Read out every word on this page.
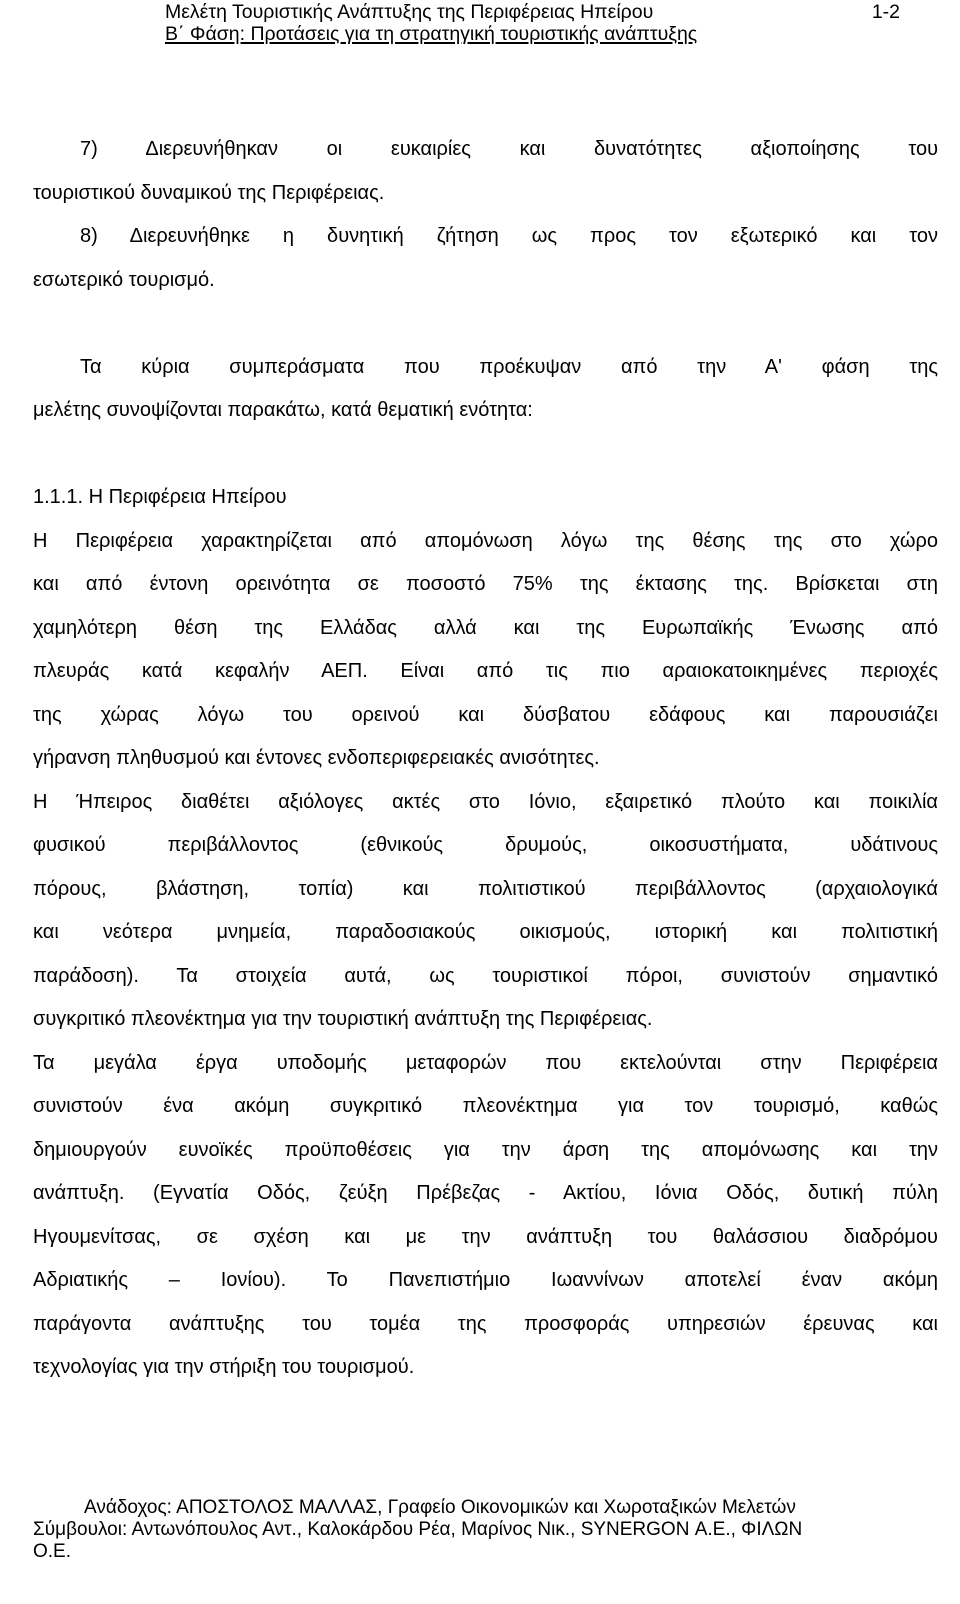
Μελέτη Τουριστικής Ανάπτυξης της Περιφέρειας Ηπείρου	1-2
Β΄ Φάση: Προτάσεις για τη στρατηγική τουριστικής ανάπτυξης
7) Διερευνήθηκαν οι ευκαιρίες και δυνατότητες αξιοποίησης του
τουριστικού δυναμικού της Περιφέρειας.
8) Διερευνήθηκε η δυνητική ζήτηση ως προς τον εξωτερικό και τον
εσωτερικό τουρισμό.
Τα κύρια συμπεράσματα που προέκυψαν από την Α' φάση της
μελέτης συνοψίζονται παρακάτω, κατά θεματική ενότητα:
1.1.1. Η Περιφέρεια Ηπείρου
Η Περιφέρεια χαρακτηρίζεται από απομόνωση λόγω της θέσης της στο χώρο
και από έντονη ορεινότητα σε ποσοστό 75% της έκτασης της. Βρίσκεται στη
χαμηλότερη θέση της Ελλάδας αλλά και της Ευρωπαϊκής Ένωσης από
πλευράς κατά κεφαλήν ΑΕΠ. Είναι από τις πιο αραιοκατοικημένες περιοχές
της χώρας λόγω του ορεινού και δύσβατου εδάφους και παρουσιάζει
γήρανση πληθυσμού και έντονες ενδοπεριφερειακές ανισότητες.
Η Ήπειρος διαθέτει αξιόλογες ακτές στο Ιόνιο, εξαιρετικό πλούτο και ποικιλία
φυσικού περιβάλλοντος (εθνικούς δρυμούς, οικοσυστήματα, υδάτινους
πόρους, βλάστηση, τοπία) και πολιτιστικού περιβάλλοντος (αρχαιολογικά
και νεότερα μνημεία, παραδοσιακούς οικισμούς, ιστορική και πολιτιστική
παράδοση). Τα στοιχεία αυτά, ως τουριστικοί πόροι, συνιστούν σημαντικό
συγκριτικό πλεονέκτημα για την τουριστική ανάπτυξη της Περιφέρειας.
Τα μεγάλα έργα υποδομής μεταφορών που εκτελούνται στην Περιφέρεια
συνιστούν ένα ακόμη συγκριτικό πλεονέκτημα για τον τουρισμό, καθώς
δημιουργούν ευνοϊκές προϋποθέσεις για την άρση της απομόνωσης και την
ανάπτυξη. (Εγνατία Οδός, ζεύξη Πρέβεζας - Ακτίου, Ιόνια Οδός, δυτική πύλη
Ηγουμενίτσας, σε σχέση και με την ανάπτυξη του θαλάσσιου διαδρόμου
Αδριατικής – Ιονίου). Το Πανεπιστήμιο Ιωαννίνων αποτελεί έναν ακόμη
παράγοντα ανάπτυξης του τομέα της προσφοράς υπηρεσιών έρευνας και
τεχνολογίας για την στήριξη του τουρισμού.
Ανάδοχος: ΑΠΟΣΤΟΛΟΣ ΜΑΛΛΑΣ, Γραφείο Οικονομικών και Χωροταξικών Μελετών
Σύμβουλοι: Αντωνόπουλος Αντ., Καλοκάρδου Ρέα, Μαρίνος Νικ., SYNERGON Α.Ε., ΦΙΛΩΝ
Ο.Ε.
